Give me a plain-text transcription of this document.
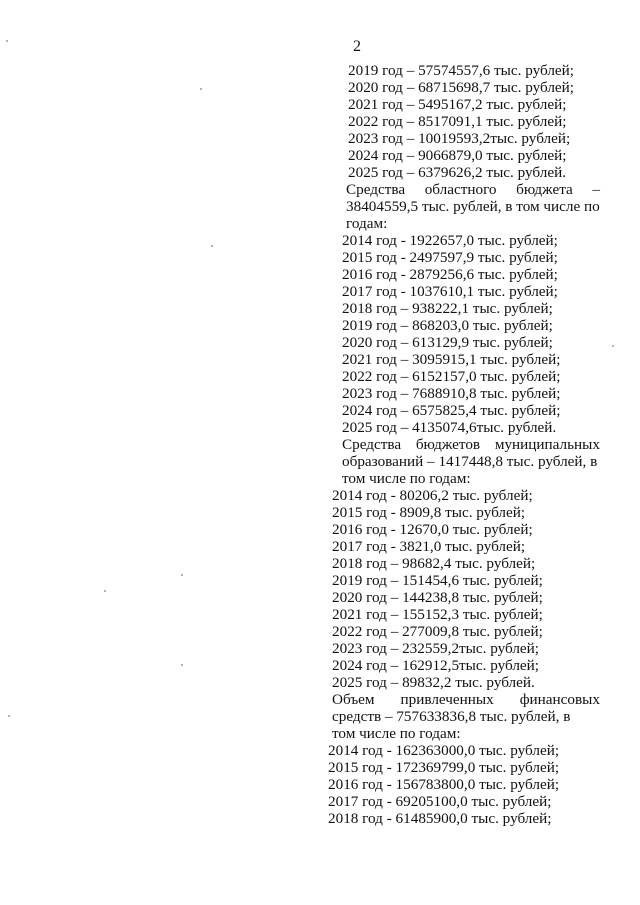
2
2019 год – 57574557,6 тыс. рублей;
2020 год – 68715698,7 тыс. рублей;
2021 год – 5495167,2 тыс. рублей;
2022 год – 8517091,1 тыс. рублей;
2023 год – 10019593,2тыс. рублей;
2024 год – 9066879,0 тыс. рублей;
2025 год – 6379626,2 тыс. рублей.
Средства областного бюджета –
38404559,5 тыс. рублей, в том числе по
годам:
2014 год - 1922657,0 тыс. рублей;
2015 год - 2497597,9 тыс. рублей;
2016 год - 2879256,6 тыс. рублей;
2017 год - 1037610,1 тыс. рублей;
2018 год – 938222,1 тыс. рублей;
2019 год – 868203,0 тыс. рублей;
2020 год – 613129,9 тыс. рублей;
2021 год – 3095915,1 тыс. рублей;
2022 год – 6152157,0 тыс. рублей;
2023 год – 7688910,8 тыс. рублей;
2024 год – 6575825,4 тыс. рублей;
2025 год – 4135074,6тыс. рублей.
Средства бюджетов муниципальных
образований – 1417448,8 тыс. рублей, в
том числе по годам:
2014 год - 80206,2 тыс. рублей;
2015 год - 8909,8 тыс. рублей;
2016 год - 12670,0 тыс. рублей;
2017 год - 3821,0 тыс. рублей;
2018 год – 98682,4 тыс. рублей;
2019 год – 151454,6 тыс. рублей;
2020 год – 144238,8 тыс. рублей;
2021 год – 155152,3 тыс. рублей;
2022 год – 277009,8 тыс. рублей;
2023 год – 232559,2тыс. рублей;
2024 год – 162912,5тыс. рублей;
2025 год – 89832,2 тыс. рублей.
Объем привлеченных финансовых
средств – 757633836,8 тыс. рублей, в
том числе по годам:
2014 год - 162363000,0 тыс. рублей;
2015 год - 172369799,0 тыс. рублей;
2016 год - 156783800,0 тыс. рублей;
2017 год - 69205100,0 тыс. рублей;
2018 год - 61485900,0 тыс. рублей;
